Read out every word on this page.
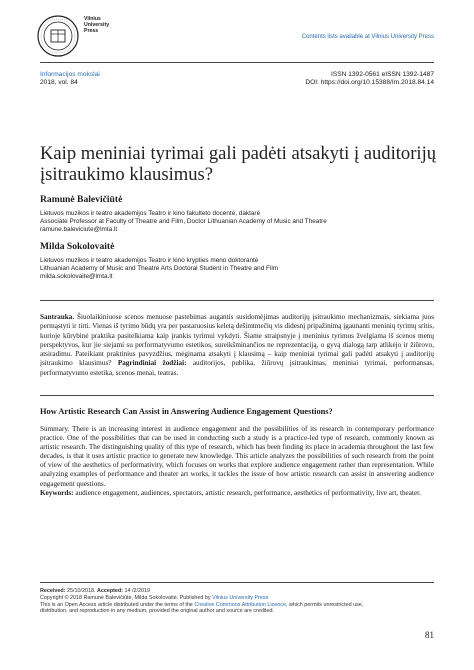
Vilnius
University
Press
Contents lists available at Vilnius University Press
Informacijos mokslai
2018, vol. 84
ISSN 1392-0561 eISSN 1392-1487
DOI: https://doi.org/10.15388/Im.2018.84.14
Kaip meniniai tyrimai gali padėti atsakyti į auditorijų įsitraukimo klausimus?
Ramunė Balevičiūtė
Lietuvos muzikos ir teatro akademijos Teatro ir kino fakulteto docentė, daktarė
Associate Professor at Faculty of Theatre and Film, Doctor Lithuanian Academy of Music and Theatre
ramune.baleviciute@lmta.lt
Milda Sokolovaitė
Lietuvos muzikos ir teatro akademijos Teatro ir kino krypties meno doktorantė
Lithuanian Academy of Music and Theatre Arts Doctoral Student in Theatre and Film
milda.sokolovaite@lmta.lt
Santrauka. Šiuolaikiniuose scenos menuose pastebimas augantis susidomėjimas auditorijų įsitraukimo mechanizmais, siekiama juos permąstyti ir tirti. Vienas iš tyrimo būdų yra per pastaruosius keletą dešimtmečių vis didesnį pripažinimą įgaunanti meninių tyrimų sritis, kurioje kūrybinė praktika pasitelkiama kaip įrankis tyrimui vykdyti. Šiame straipsnyje į meninius tyrimus žvelgiama iš scenos menų perspektyvos, kur jie siejami su performatyvumo estetikos, sureikšminančios ne reprezentaciją, o gyvą dialogą tarp atlikėjo ir žiūrovo, atsiradimu. Pateikiant praktinius pavyzdžius, mėginama atsakyti į klausimą – kaip meniniai tyrimai gali padėti atsakyti į auditorijų įsitraukimo klausimus? Pagrindiniai žodžiai: auditorijos, publika, žiūrovų įsitraukimas, meniniai tyrimai, performansas, performatyvumo estetika, scenos menai, teatras.
How Artistic Research Can Assist in Answering Audience Engagement Questions?
Summary. There is an increasing interest in audience engagement and the possibilities of its research in contemporary performance practice. One of the possibilities that can be used in conducting such a study is a practice-led type of research, commonly known as artistic research. The distinguishing quality of this type of research, which has been finding its place in academia throughout the last few decades, is that it uses artistic practice to generate new knowledge. This article analyzes the possibilities of such research from the point of view of the aesthetics of performativity, which focuses on works that explore audience engagement rather than representation. While analyzing examples of performance and theater art works, it tackles the issue of how artistic research can assist in answering audience engagement questions.
Keywords: audience engagement, audiences, spectators, artistic research, performance, aesthetics of performativity, live art, theater.
Received: 25/10/2018. Accepted: 14 /2/2019
Copyright © 2018 Ramunė Balevičiūtė, Milda Sokolovaitė. Published by Vilnius University Press
This is an Open Access article distributed under the terms of the Creative Commons Attribution Licence, which permits unrestricted use,
distribution, and reproduction in any medium, provided the original author and source are credited.
81
